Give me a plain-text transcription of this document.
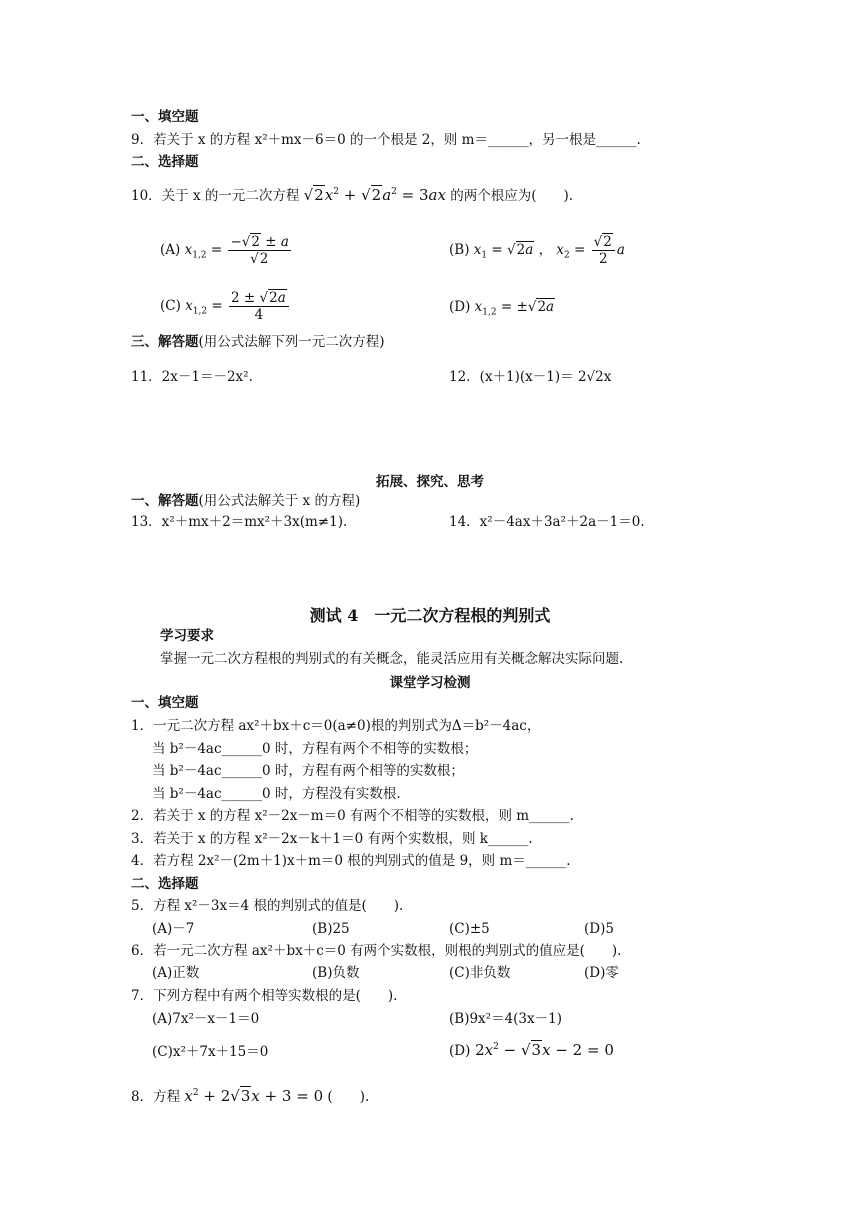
一、填空题
9．若关于 x 的方程 x²＋mx－6＝0 的一个根是 2，则 m＝______，另一根是______.
二、选择题
10．关于 x 的一元二次方程 $√2x^2 + √2a^2 = 3ax$ 的两个根应为(　　).
(A) $x_{1,2} = \frac{-√2 \pm a}{√2}$	(B) $x_1 = √2a$ ， $x_2 = \frac{√2}{2}$ a
(C) $x_{1,2} = \frac{2 \pm √2a}{4}$	(D) $x_{1,2} = \pm√2a$
三、解答题(用公式法解下列一元二次方程)
11．2x－1＝－2x².	12．(x＋1)(x－1)＝ 2√2x
拓展、探究、思考
一、解答题(用公式法解关于 x 的方程)
13．x²＋mx＋2＝mx²＋3x(m≠1).	14．x²－4ax＋3a²＋2a－1＝0.
测试 4　一元二次方程根的判别式
学习要求
掌握一元二次方程根的判别式的有关概念，能灵活应用有关概念解决实际问题.
课堂学习检测
一、填空题
1．一元二次方程 ax²＋bx＋c＝0(a≠0)根的判别式为Δ＝b²－4ac，
当 b²－4ac______0 时，方程有两个不相等的实数根；
当 b²－4ac______0 时，方程有两个相等的实数根；
当 b²－4ac______0 时，方程没有实数根.
2．若关于 x 的方程 x²－2x－m＝0 有两个不相等的实数根，则 m______.
3．若关于 x 的方程 x²－2x－k＋1＝0 有两个实数根，则 k______.
4．若方程 2x²－(2m＋1)x＋m＝0 根的判别式的值是 9，则 m＝______.
二、选择题
5．方程 x²－3x＝4 根的判别式的值是(　　).
(A)－7	(B)25	(C)±5	(D)5
6．若一元二次方程 ax²＋bx＋c＝0 有两个实数根，则根的判别式的值应是(　　).
(A)正数	(B)负数	(C)非负数	(D)零
7．下列方程中有两个相等实数根的是(　　).
(A)7x²－x－1＝0	(B)9x²＝4(3x－1)
(C)x²＋7x＋15＝0	(D) $2x^2 - √3x - 2 = 0$
8．方程 $x^2 + 2√3x + 3 = 0$ (　　).
